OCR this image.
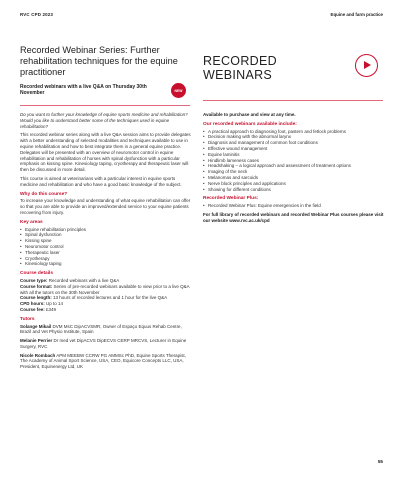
RVC CPD 2023	Equine and farm practice
Recorded Webinar Series: Further rehabilitation techniques for the equine practitioner
Recorded webinars with a live Q&A on Thursday 30th November	NEW
RECORDED
WEBINARS

Do you want to further your knowledge of equine sports medicine and rehabilitation? Would you like to understand better some of the techniques used in equine rehabilitation?

This recorded webinar series along with a live Q&A session aims to provide delegates with a better understanding of selected modalities and techniques available to use in equine rehabilitation and how to best integrate them in a general equine practice. Delegates will be presented with an overview of neuromotor control in equine rehabilitation and rehabilitation of horses with spinal dysfunction with a particular emphasis on kissing spine. Kinesiology taping, cryotherapy and therapeutic laser will then be discussed in more detail.

This course is aimed at veterinarians with a particular interest in equine sports medicine and rehabilitation and who have a good basic knowledge of the subject.

Why do this course?

To increase your knowledge and understanding of what equine rehabilitation can offer so that you are able to provide an improved/extended service to your equine patients recovering from injury.

Key areas
• Equine rehabilitation principles
• Spinal dysfunction
• Kissing spine
• Neuromotor control
• Therapeutic laser
• Cryotherapy
• Kinesiology taping
Course details
Course type: Recorded webinars with a live Q&A
Course format: Series of pre-recorded webinars available to view prior to a live Q&A with all the tutors on the 30th November
Course length: 13 hours of recorded lectures and 1 hour for the live Q&A
CPD hours: Up to 14
Course fee: £349
Tutors

Solange Mikail DVM MsC DipACVSMR, Owner of Espaço Equus Rehab Centre, Brazil and Vet Physio Institute, Spain

Melanie Perrier Dr med vet DipACVS DipECVS CERP MRCVS, Lecturer in Equine Surgery, RVC

Nicole Rombach APM MEEBW CCRW PG AMMSc PhD, Equine Sports Therapist, The Academy of Animal Sport Science, USA, CEO, Equicore Concepts LLC, USA, President, Equinenergy Ltd, UK

Available to purchase and view at any time.

Our recorded webinars available include:
• A practical approach to diagnosing foot, pastern and fetlock problems
• Decision making with the abnormal larynx
• Diagnosis and management of common foot conditions
• Effective wound management
• Equine laminitis
• Hindlimb lameness cases
• Headshaking – a logical approach and assessment of treatment options
• Imaging of the neck
• Melanomas and sarcoids
• Nerve block principles and applications
• Showing for different conditions
Recorded Webinar Plus:
• Recorded Webinar Plus: Equine emergencies in the field

For full library of recorded webinars and recorded Webinar Plus courses please visit our website www.rvc.ac.uk/cpd

55
